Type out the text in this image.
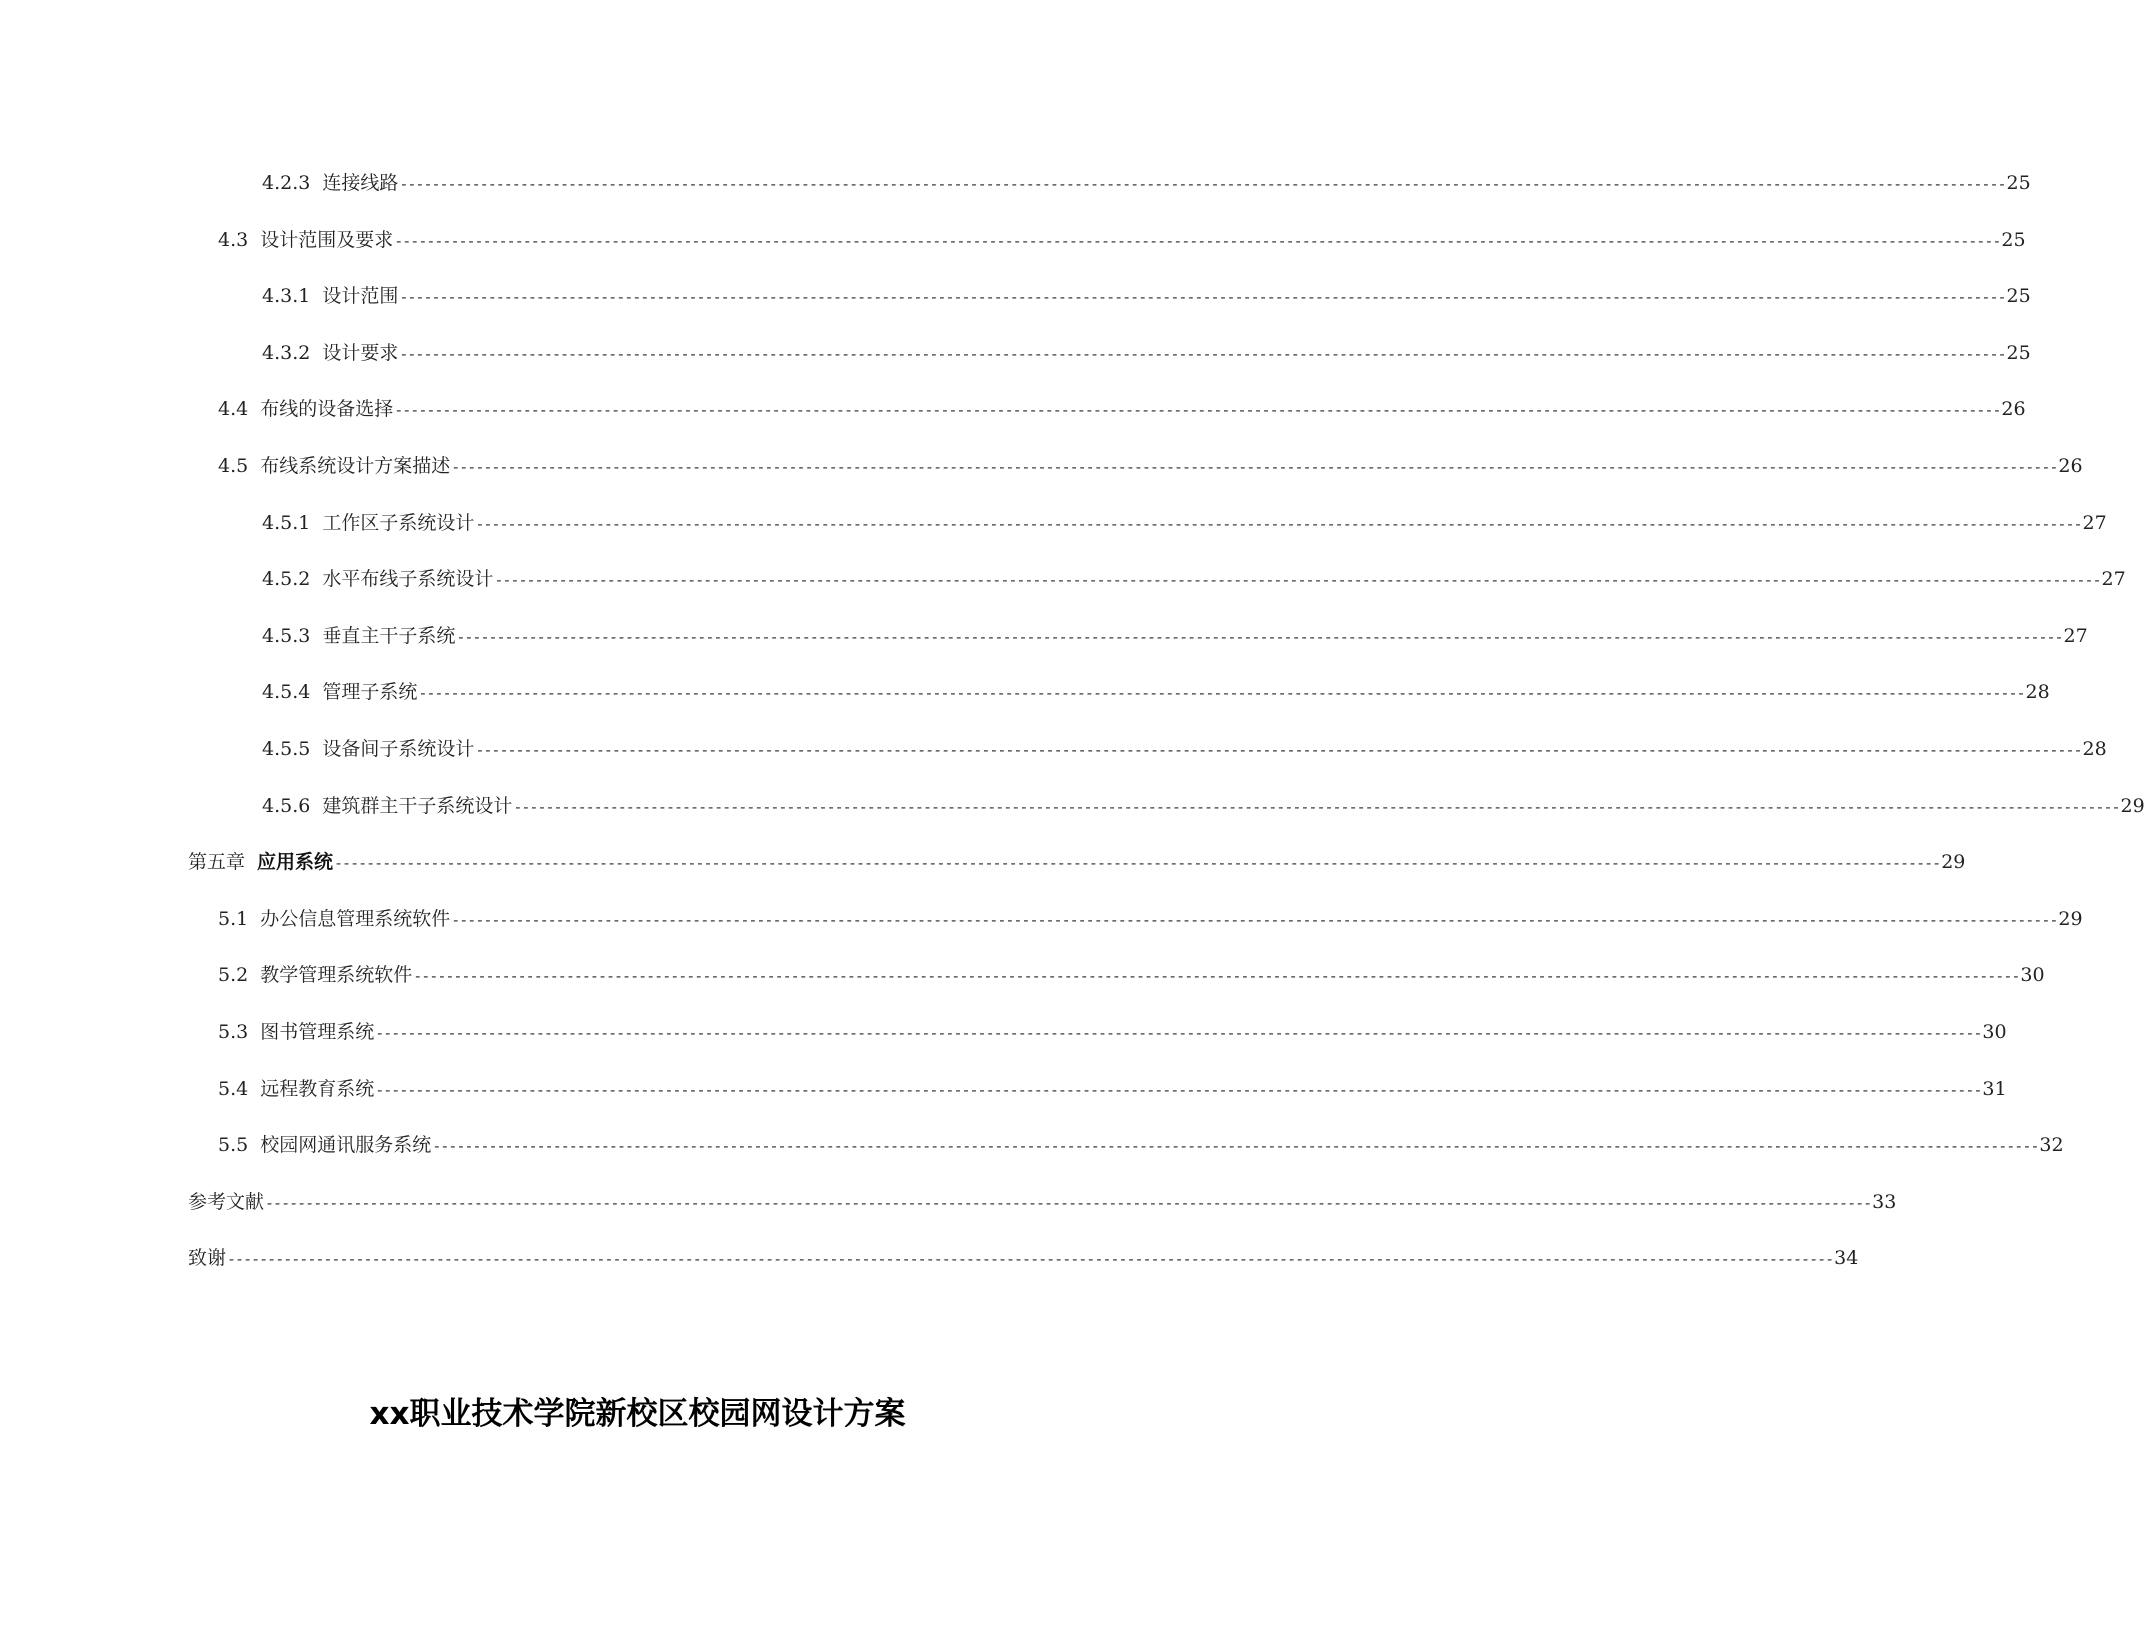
4.2.3 连接线路 -------------------------------------------------------------------------------------------------------------------------------------------------------------------------------------------------------- 25
4.3 设计范围及要求 -------------------------------------------------------------------------------------------------------------------------------------------------------------------------------------------------------- 25
4.3.1 设计范围 -------------------------------------------------------------------------------------------------------------------------------------------------------------------------------------------------------- 25
4.3.2 设计要求 -------------------------------------------------------------------------------------------------------------------------------------------------------------------------------------------------------- 25
4.4 布线的设备选择 -------------------------------------------------------------------------------------------------------------------------------------------------------------------------------------------------------- 26
4.5 布线系统设计方案描述 -------------------------------------------------------------------------------------------------------------------------------------------------------------------------------------------------------- 26
4.5.1 工作区子系统设计 -------------------------------------------------------------------------------------------------------------------------------------------------------------------------------------------------------- 27
4.5.2 水平布线子系统设计 -------------------------------------------------------------------------------------------------------------------------------------------------------------------------------------------------------- 27
4.5.3 垂直主干子系统 -------------------------------------------------------------------------------------------------------------------------------------------------------------------------------------------------------- 27
4.5.4 管理子系统 -------------------------------------------------------------------------------------------------------------------------------------------------------------------------------------------------------- 28
4.5.5 设备间子系统设计 -------------------------------------------------------------------------------------------------------------------------------------------------------------------------------------------------------- 28
4.5.6 建筑群主干子系统设计 -------------------------------------------------------------------------------------------------------------------------------------------------------------------------------------------------------- 29
第五章 应用系统 -------------------------------------------------------------------------------------------------------------------------------------------------------------------------------------------------------- 29
5.1 办公信息管理系统软件 -------------------------------------------------------------------------------------------------------------------------------------------------------------------------------------------------------- 29
5.2 教学管理系统软件 -------------------------------------------------------------------------------------------------------------------------------------------------------------------------------------------------------- 30
5.3 图书管理系统 -------------------------------------------------------------------------------------------------------------------------------------------------------------------------------------------------------- 30
5.4 远程教育系统 -------------------------------------------------------------------------------------------------------------------------------------------------------------------------------------------------------- 31
5.5 校园网通讯服务系统 -------------------------------------------------------------------------------------------------------------------------------------------------------------------------------------------------------- 32
参考文献 -------------------------------------------------------------------------------------------------------------------------------------------------------------------------------------------------------- 33
致谢 -------------------------------------------------------------------------------------------------------------------------------------------------------------------------------------------------------- 34
xx职业技术学院新校区校园网设计方案
